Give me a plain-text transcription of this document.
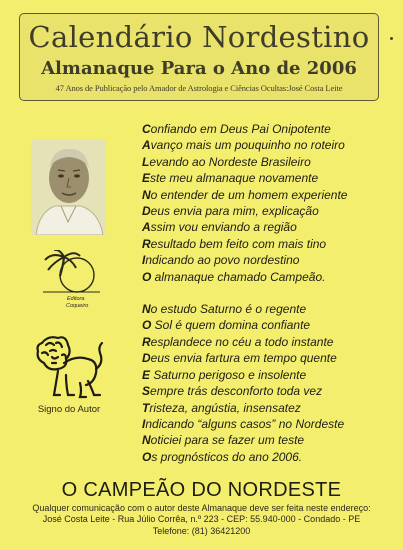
Calendário Nordestino
Almanaque Para o Ano de 2006
47 Anos de Publicação pelo Amador de Astrologia e Ciências Ocultas:José Costa Leite
Editora
Coqueiro
Signo do Autor
Confiando em Deus Pai Onipotente
Avanço mais um pouquinho no roteiro
Levando ao Nordeste Brasileiro
Este meu almanaque novamente
No entender de um homem experiente
Deus envia para mim, explicação
Assim vou enviando a região
Resultado bem feito com mais tino
Indicando ao povo nordestino
O almanaque chamado Campeão.
No estudo Saturno é o regente
O Sol é quem domina confiante
Resplandece no céu a todo instante
Deus envia fartura em tempo quente
E Saturno perigoso e insolente
Sempre trás desconforto toda vez
Tristeza, angústia, insensatez
Indicando “alguns casos” no Nordeste
Noticiei para se fazer um teste
Os prognósticos do ano 2006.
O CAMPEÃO DO NORDESTE
Qualquer comunicação com o autor deste Almanaque deve ser feita neste endereço:
José Costa Leite - Rua Júlio Corrêa, n.º 223 - CEP: 55.940-000 - Condado - PE
Telefone: (81) 36421200
